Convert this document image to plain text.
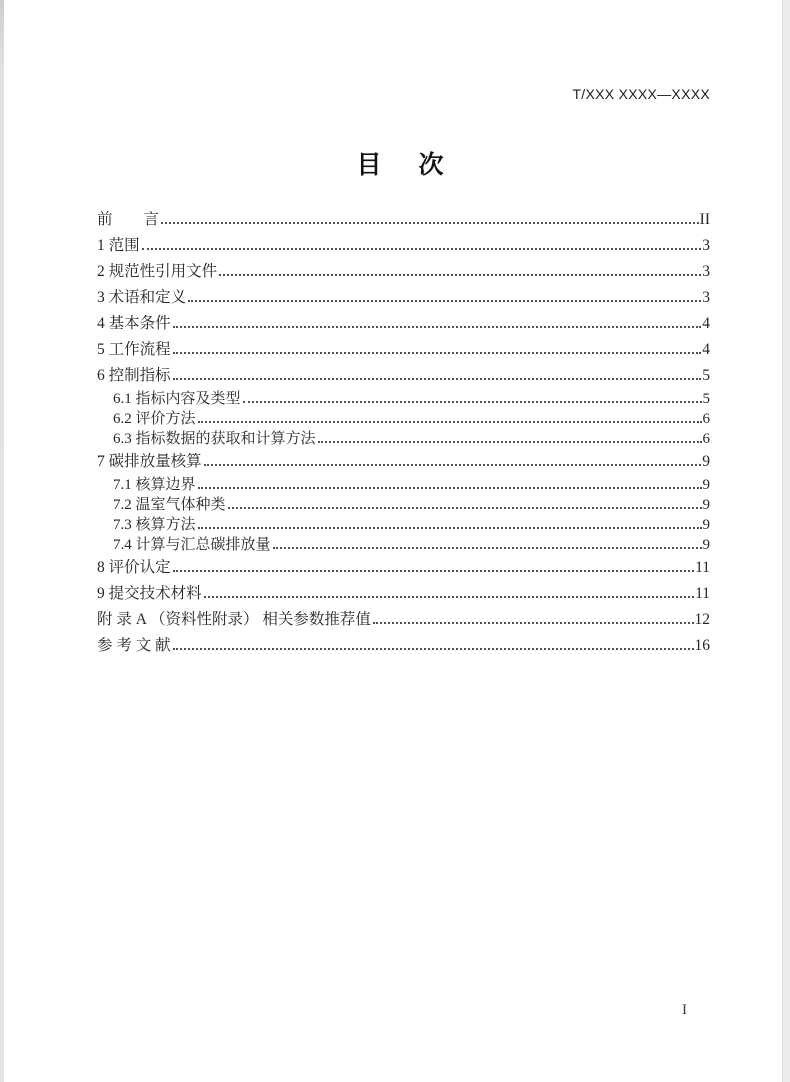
T/XXX XXXX—XXXX
目　次
前　　言	II
1 范围	3
2 规范性引用文件	3
3 术语和定义	3
4 基本条件	4
5 工作流程	4
6 控制指标	5
6.1 指标内容及类型	5
6.2 评价方法	6
6.3 指标数据的获取和计算方法	6
7 碳排放量核算	9
7.1 核算边界	9
7.2 温室气体种类	9
7.3 核算方法	9
7.4 计算与汇总碳排放量	9
8 评价认定	11
9 提交技术材料	11
附 录 A （资料性附录） 相关参数推荐值	12
参 考 文 献	16
I
